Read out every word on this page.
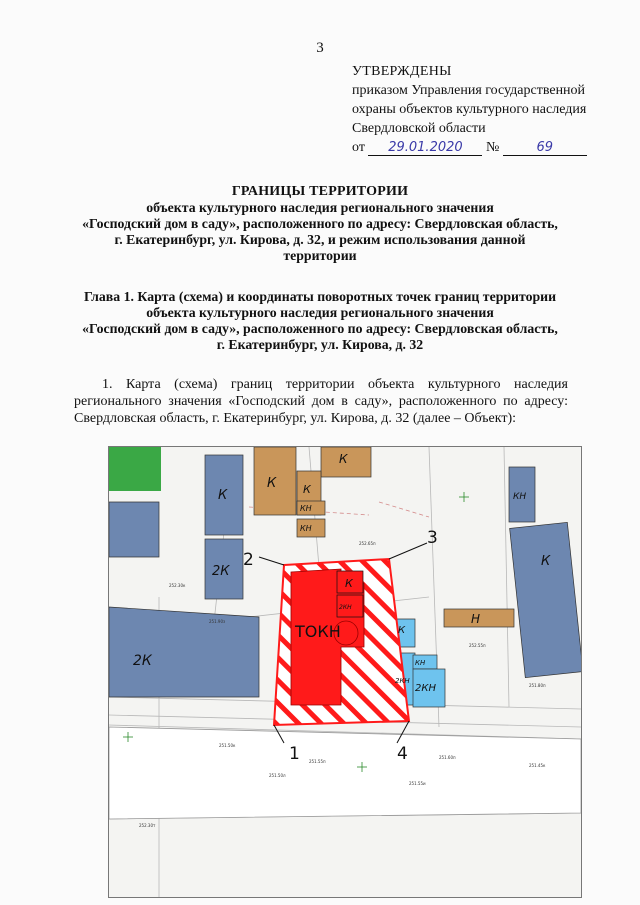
3
УТВЕРЖДЕНЫ
приказом Управления государственной
охраны объектов культурного наследия
Свердловской области
от 29.01.2020 №	69
ГРАНИЦЫ ТЕРРИТОРИИ
объекта культурного наследия регионального значения
«Господский дом в саду», расположенного по адресу: Свердловская область,
г. Екатеринбург, ул. Кирова, д. 32, и режим использования данной
территории
Глава 1. Карта (схема) и координаты поворотных точек границ территории
объекта культурного наследия регионального значения
«Господский дом в саду», расположенного по адресу: Свердловская область,
г. Екатеринбург, ул. Кирова, д. 32
1. Карта (схема) границ территории объекта культурного наследия регионального значения «Господский дом в саду», расположенного по адресу: Свердловская область, г. Екатеринбург, ул. Кирова, д. 32 (далее – Объект):
252.30к
251.90з
252.55п
251.50к
251.55п
251.60п
251.45к
251.50л
251.55и
252.65п
251.80п
252.30т
К
2К
2К
К
К
К
КН
КН
КН
К
Н
К
2КН
К
КН
2КН
2КН
ТОКН
1
2
3
4
